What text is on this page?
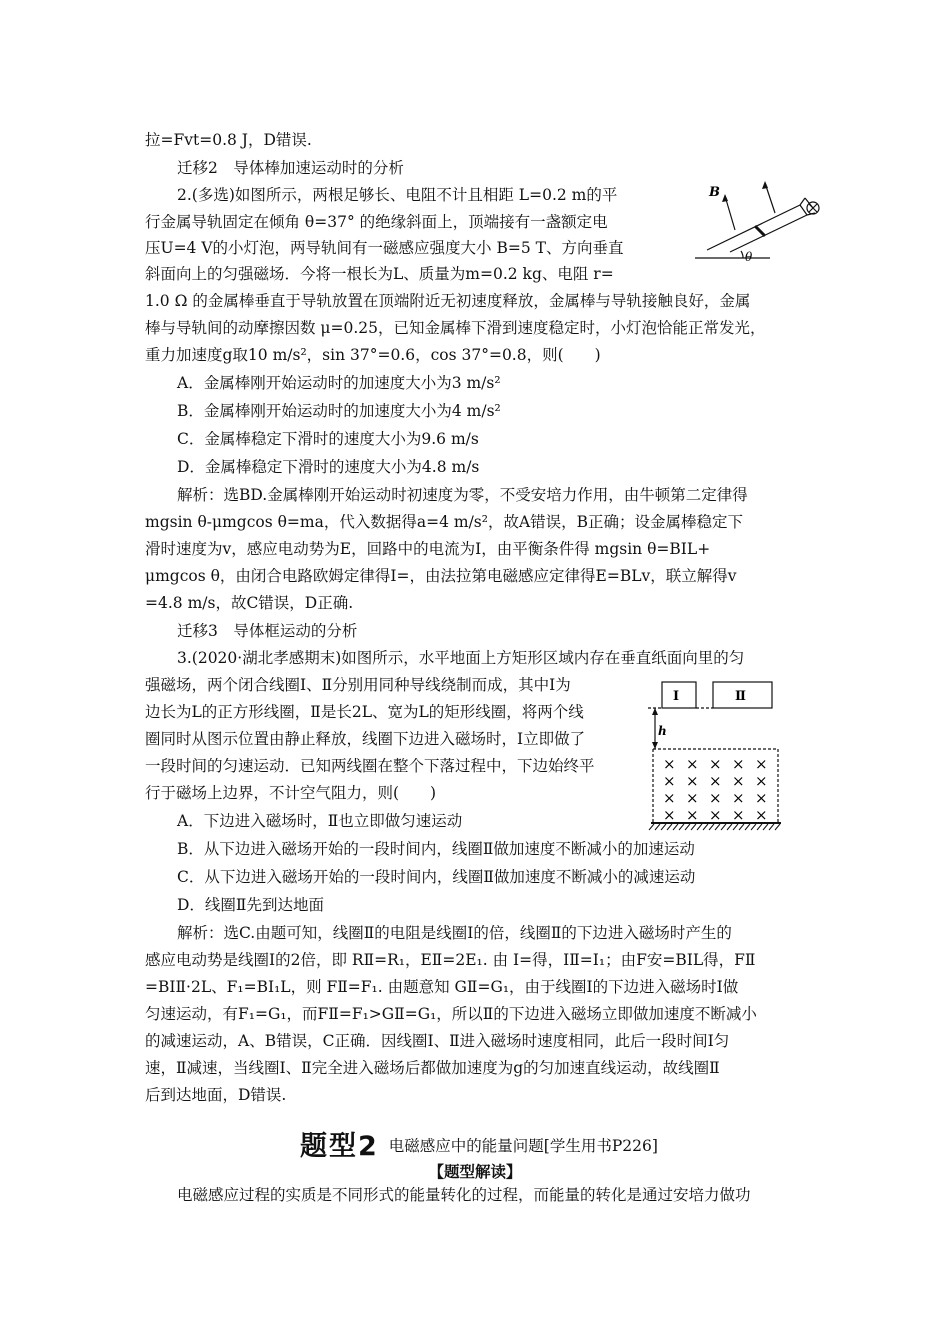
拉=Fvt=0.8 J，D错误.
迁移2　导体棒加速运动时的分析
2.(多选)如图所示，两根足够长、电阻不计且相距 L=0.2 m的平
行金属导轨固定在倾角 θ=37° 的绝缘斜面上，顶端接有一盏额定电
压U=4 V的小灯泡，两导轨间有一磁感应强度大小 B=5 T、方向垂直
斜面向上的匀强磁场．今将一根长为L、质量为m=0.2 kg、电阻 r=
1.0 Ω 的金属棒垂直于导轨放置在顶端附近无初速度释放，金属棒与导轨接触良好，金属
棒与导轨间的动摩擦因数 μ=0.25，已知金属棒下滑到速度稳定时，小灯泡恰能正常发光，
重力加速度g取10 m/s²，sin 37°=0.6，cos 37°=0.8，则(　　)
A．金属棒刚开始运动时的加速度大小为3 m/s²
B．金属棒刚开始运动时的加速度大小为4 m/s²
C．金属棒稳定下滑时的速度大小为9.6 m/s
D．金属棒稳定下滑时的速度大小为4.8 m/s
解析：选BD.金属棒刚开始运动时初速度为零，不受安培力作用，由牛顿第二定律得
mgsin θ-μmgcos θ=ma，代入数据得a=4 m/s²，故A错误，B正确；设金属棒稳定下
滑时速度为v，感应电动势为E，回路中的电流为I，由平衡条件得 mgsin θ=BIL+
μmgcos θ，由闭合电路欧姆定律得I=，由法拉第电磁感应定律得E=BLv，联立解得v
=4.8 m/s，故C错误，D正确.
迁移3　导体框运动的分析
3.(2020·湖北孝感期末)如图所示，水平地面上方矩形区域内存在垂直纸面向里的匀
强磁场，两个闭合线圈Ⅰ、Ⅱ分别用同种导线绕制而成，其中Ⅰ为
边长为L的正方形线圈，Ⅱ是长2L、宽为L的矩形线圈，将两个线
圈同时从图示位置由静止释放，线圈下边进入磁场时，Ⅰ立即做了
一段时间的匀速运动．已知两线圈在整个下落过程中，下边始终平
行于磁场上边界，不计空气阻力，则(　　)
A．下边进入磁场时，Ⅱ也立即做匀速运动
B．从下边进入磁场开始的一段时间内，线圈Ⅱ做加速度不断减小的加速运动
C．从下边进入磁场开始的一段时间内，线圈Ⅱ做加速度不断减小的减速运动
D．线圈Ⅱ先到达地面
解析：选C.由题可知，线圈Ⅱ的电阻是线圈Ⅰ的倍，线圈Ⅱ的下边进入磁场时产生的
感应电动势是线圈Ⅰ的2倍，即 RⅡ=R₁，EⅡ=2E₁. 由 I=得，IⅡ=I₁；由F安=BIL得，FⅡ
=BIⅡ·2L、F₁=BI₁L，则 FⅡ=F₁. 由题意知 GⅡ=G₁，由于线圈Ⅰ的下边进入磁场时Ⅰ做
匀速运动，有F₁=G₁，而FⅡ=F₁>GⅡ=G₁，所以Ⅱ的下边进入磁场立即做加速度不断减小
的减速运动，A、B错误，C正确．因线圈Ⅰ、Ⅱ进入磁场时速度相同，此后一段时间Ⅰ匀
速，Ⅱ减速，当线圈Ⅰ、Ⅱ完全进入磁场后都做加速度为g的匀加速直线运动，故线圈Ⅱ
后到达地面，D错误.
题型2 电磁感应中的能量问题[学生用书P226]
【题型解读】
电磁感应过程的实质是不同形式的能量转化的过程，而能量的转化是通过安培力做功
B
θ
Ⅰ	Ⅱ
h
× × × × ×
× × × × ×
× × × × ×
× × × × ×
